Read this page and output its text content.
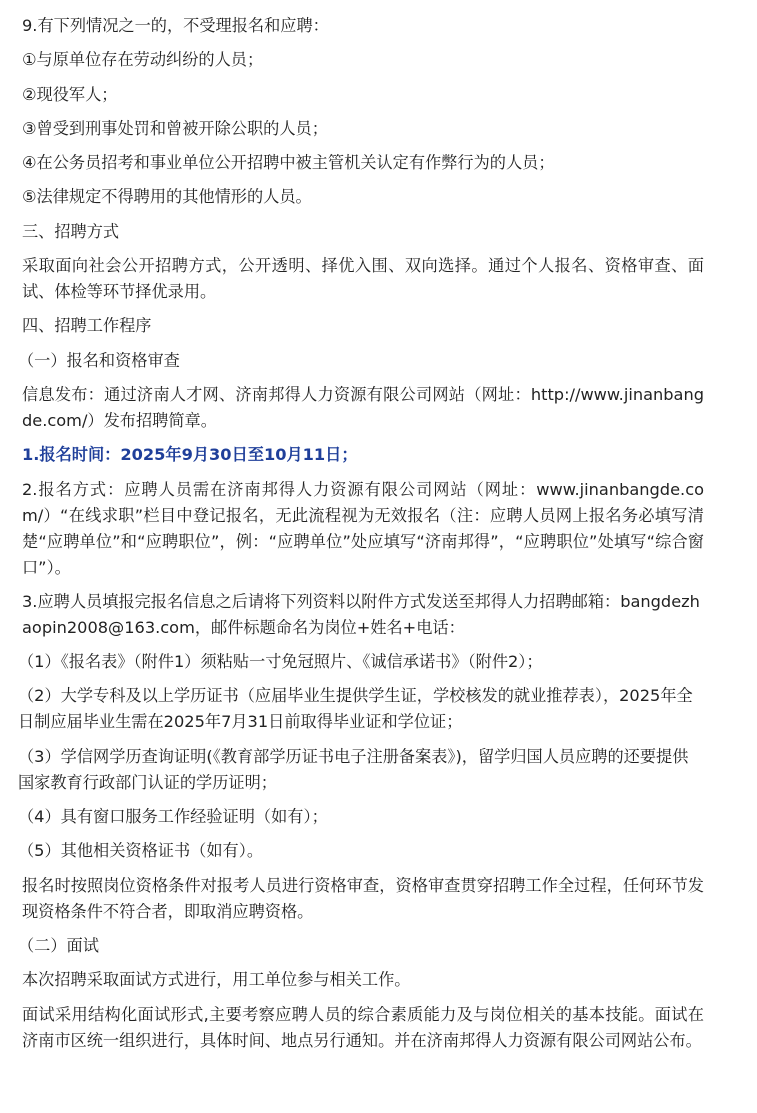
9.有下列情况之一的，不受理报名和应聘：

①与原单位存在劳动纠纷的人员；

②现役军人；

③曾受到刑事处罚和曾被开除公职的人员；

④在公务员招考和事业单位公开招聘中被主管机关认定有作弊行为的人员；

⑤法律规定不得聘用的其他情形的人员。

三、招聘方式

采取面向社会公开招聘方式，公开透明、择优入围、双向选择。通过个人报名、资格审查、面试、体检等环节择优录用。

四、招聘工作程序

（一）报名和资格审查

信息发布：通过济南人才网、济南邦得人力资源有限公司网站（网址：http://www.jinanbangde.com/）发布招聘简章。

1.报名时间：2025年9月30日至10月11日；

2.报名方式：应聘人员需在济南邦得人力资源有限公司网站（网址：www.jinanbangde.com/）“在线求职”栏目中登记报名，无此流程视为无效报名（注：应聘人员网上报名务必填写清楚“应聘单位”和“应聘职位”，例：“应聘单位”处应填写“济南邦得”，“应聘职位”处填写“综合窗口”）。

3.应聘人员填报完报名信息之后请将下列资料以附件方式发送至邦得人力招聘邮箱：bangdezhaopin2008@163.com，邮件标题命名为岗位+姓名+电话：

（1）《报名表》（附件1）须粘贴一寸免冠照片、《诚信承诺书》（附件2）；

（2）大学专科及以上学历证书（应届毕业生提供学生证，学校核发的就业推荐表），2025年全日制应届毕业生需在2025年7月31日前取得毕业证和学位证；

（3）学信网学历查询证明(《教育部学历证书电子注册备案表》)，留学归国人员应聘的还要提供国家教育行政部门认证的学历证明；

（4）具有窗口服务工作经验证明（如有）；

（5）其他相关资格证书（如有）。

报名时按照岗位资格条件对报考人员进行资格审查，资格审查贯穿招聘工作全过程，任何环节发现资格条件不符合者，即取消应聘资格。

（二）面试

本次招聘采取面试方式进行，用工单位参与相关工作。

面试采用结构化面试形式,主要考察应聘人员的综合素质能力及与岗位相关的基本技能。面试在济南市区统一组织进行，具体时间、地点另行通知。并在济南邦得人力资源有限公司网站公布。
